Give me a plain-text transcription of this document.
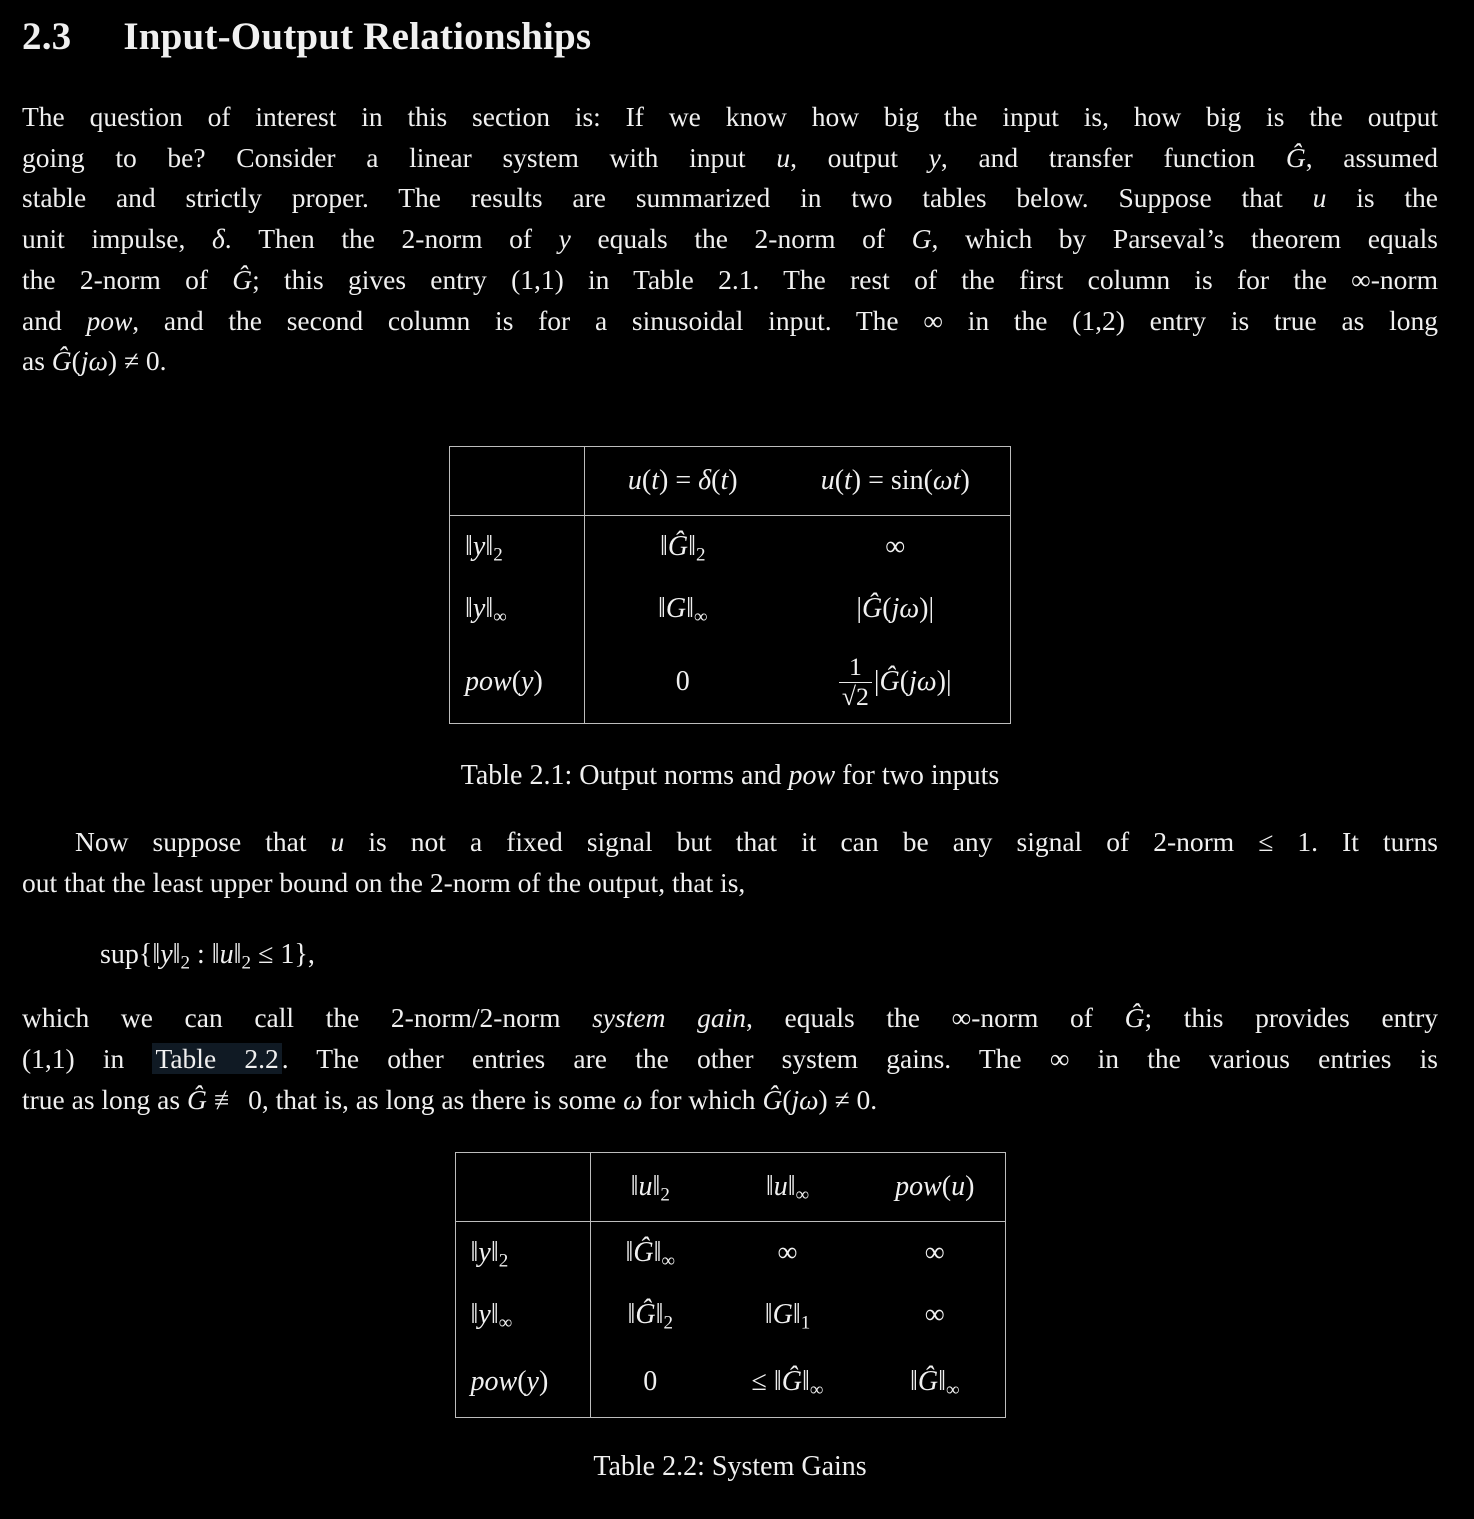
2.3 Input-Output Relationships
The question of interest in this section is: If we know how big the input is, how big is the output
going to be? Consider a linear system with input u, output y, and transfer function Ĝ, assumed
stable and strictly proper. The results are summarized in two tables below. Suppose that u is the
unit impulse, δ. Then the 2-norm of y equals the 2-norm of G, which by Parseval’s theorem equals
the 2-norm of Ĝ; this gives entry (1,1) in Table 2.1. The rest of the first column is for the ∞-norm
and pow, and the second column is for a sinusoidal input. The ∞ in the (1,2) entry is true as long
as Ĝ(jω) ≠ 0.
	u(t) = δ(t)	u(t) = sin(ωt)
$‖y‖_2$	$‖Ĝ‖_2$	∞
$‖y‖_\infty$	$‖G‖_\infty$	|Ĝ(jω)|
pow(y)	0	$\frac{1}{√2}$ |Ĝ(jω)|
Table 2.1: Output norms and pow for two inputs
Now suppose that u is not a fixed signal but that it can be any signal of 2-norm ≤ 1. It turns
out that the least upper bound on the 2-norm of the output, that is,
$sup\{‖y‖_2$ : $‖u‖_2 \le 1$},
which we can call the 2-norm/2-norm system gain, equals the ∞-norm of Ĝ; this provides entry
(1,1) in Table 2.2 . The other entries are the other system gains. The ∞ in the various entries is
true as long as Ĝ ≢ 0, that is, as long as there is some ω for which Ĝ(jω) ≠ 0.
	$‖u‖_2$	$‖u‖_\infty$	pow(u)
$‖y‖_2$	$‖Ĝ‖_\infty$	∞	∞
$‖y‖_\infty$	$‖Ĝ‖_2$	$‖G‖_1$	∞
pow(y)	0	≤ $‖Ĝ‖_\infty$	$‖Ĝ‖_\infty$
Table 2.2: System Gains
